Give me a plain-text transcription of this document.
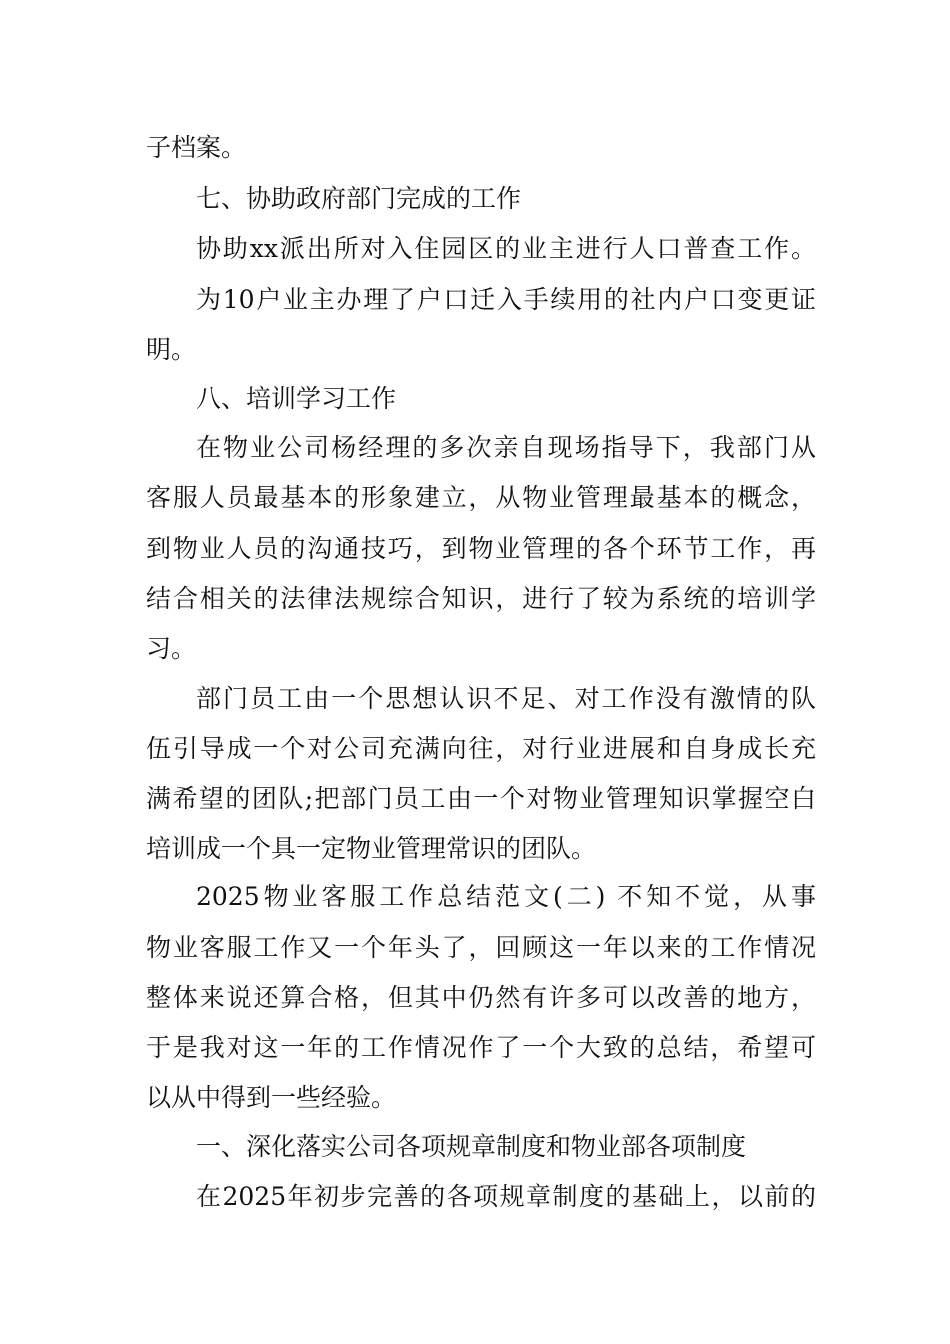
子档案。
七、协助政府部门完成的工作
协助xx派出所对入住园区的业主进行人口普查工作。
为10户业主办理了户口迁入手续用的社内户口变更证
明。
八、培训学习工作
在物业公司杨经理的多次亲自现场指导下，我部门从
客服人员最基本的形象建立，从物业管理最基本的概念，
到物业人员的沟通技巧，到物业管理的各个环节工作，再
结合相关的法律法规综合知识，进行了较为系统的培训学
习。
部门员工由一个思想认识不足、对工作没有激情的队
伍引导成一个对公司充满向往，对行业进展和自身成长充
满希望的团队;把部门员工由一个对物业管理知识掌握空白
培训成一个具一定物业管理常识的团队。
2025物业客服工作总结范文(二) 不知不觉，从事
物业客服工作又一个年头了，回顾这一年以来的工作情况
整体来说还算合格，但其中仍然有许多可以改善的地方，
于是我对这一年的工作情况作了一个大致的总结，希望可
以从中得到一些经验。
一、深化落实公司各项规章制度和物业部各项制度
在2025年初步完善的各项规章制度的基础上，以前的
